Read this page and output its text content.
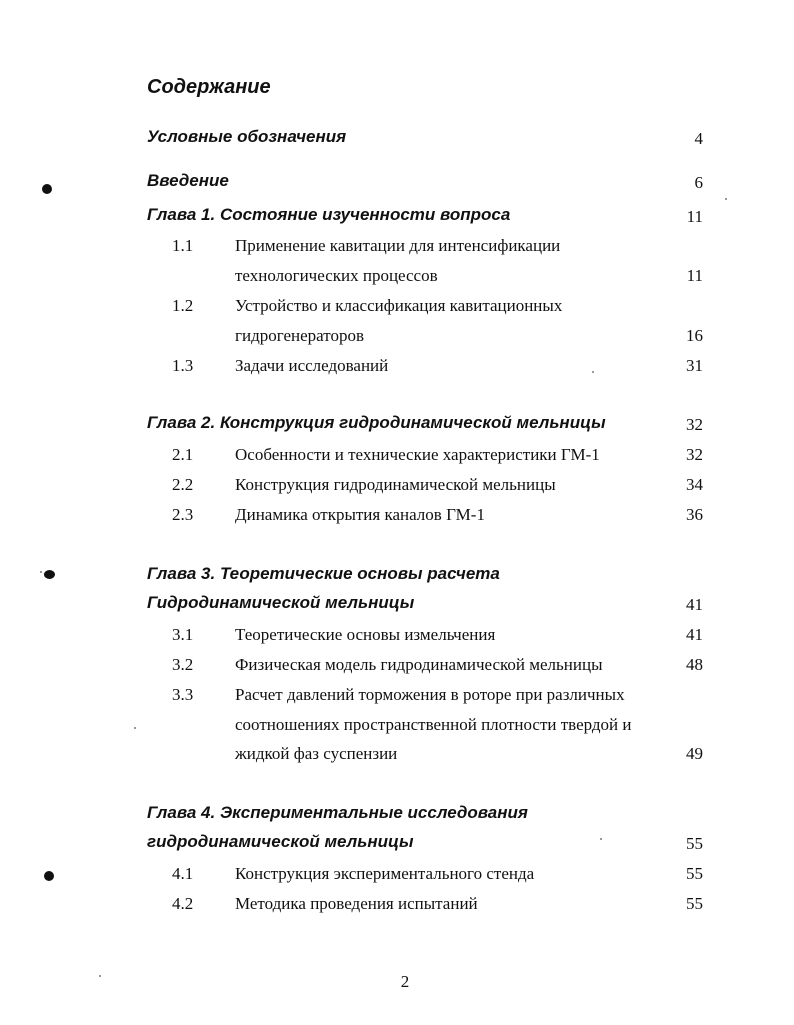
Содержание
Условные обозначения	4
Введение	6
Глава 1. Состояние изученности вопроса	11
1.1 Применение кавитации для интенсификации
технологических процессов	11
1.2 Устройство и классификация кавитационных
гидрогенераторов	16
1.3 Задачи исследований	31
Глава 2. Конструкция гидродинамической мельницы	32
2.1 Особенности и технические характеристики ГМ-1	32
2.2 Конструкция гидродинамической мельницы	34
2.3 Динамика открытия каналов ГМ-1	36
Глава 3. Теоретические основы расчета
Гидродинамической мельницы	41
3.1 Теоретические основы измельчения	41
3.2 Физическая модель гидродинамической мельницы	48
3.3 Расчет давлений торможения в роторе при различных
соотношениях пространственной плотности твердой и
жидкой фаз суспензии	49
Глава 4. Экспериментальные исследования
гидродинамической мельницы	55
4.1 Конструкция экспериментального стенда	55
4.2 Методика проведения испытаний	55
2
